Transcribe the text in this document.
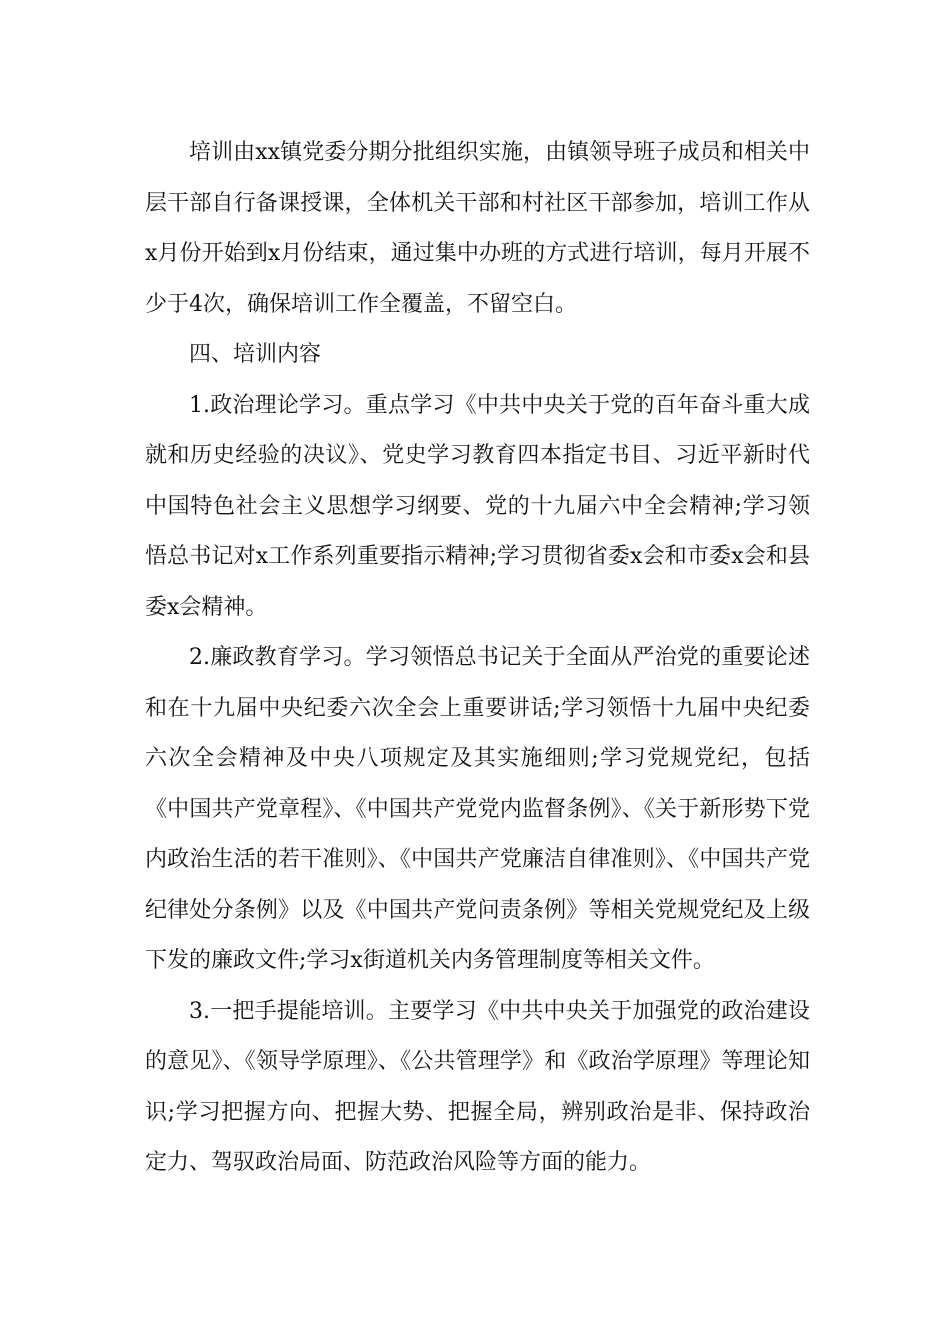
培训由xx镇党委分期分批组织实施，由镇领导班子成员和相关中层干部自行备课授课，全体机关干部和村社区干部参加，培训工作从x月份开始到x月份结束，通过集中办班的方式进行培训，每月开展不少于4次，确保培训工作全覆盖，不留空白。

四、培训内容

1.政治理论学习。重点学习《中共中央关于党的百年奋斗重大成就和历史经验的决议》、党史学习教育四本指定书目、习近平新时代中国特色社会主义思想学习纲要、党的十九届六中全会精神;学习领悟总书记对x工作系列重要指示精神;学习贯彻省委x会和市委x会和县委x会精神。

2.廉政教育学习。学习领悟总书记关于全面从严治党的重要论述和在十九届中央纪委六次全会上重要讲话;学习领悟十九届中央纪委六次全会精神及中央八项规定及其实施细则;学习党规党纪，包括《中国共产党章程》、《中国共产党党内监督条例》、《关于新形势下党内政治生活的若干准则》、《中国共产党廉洁自律准则》、《中国共产党纪律处分条例》以及《中国共产党问责条例》等相关党规党纪及上级下发的廉政文件;学习x街道机关内务管理制度等相关文件。

3.一把手提能培训。主要学习《中共中央关于加强党的政治建设的意见》、《领导学原理》、《公共管理学》和《政治学原理》等理论知识;学习把握方向、把握大势、把握全局，辨别政治是非、保持政治定力、驾驭政治局面、防范政治风险等方面的能力。
